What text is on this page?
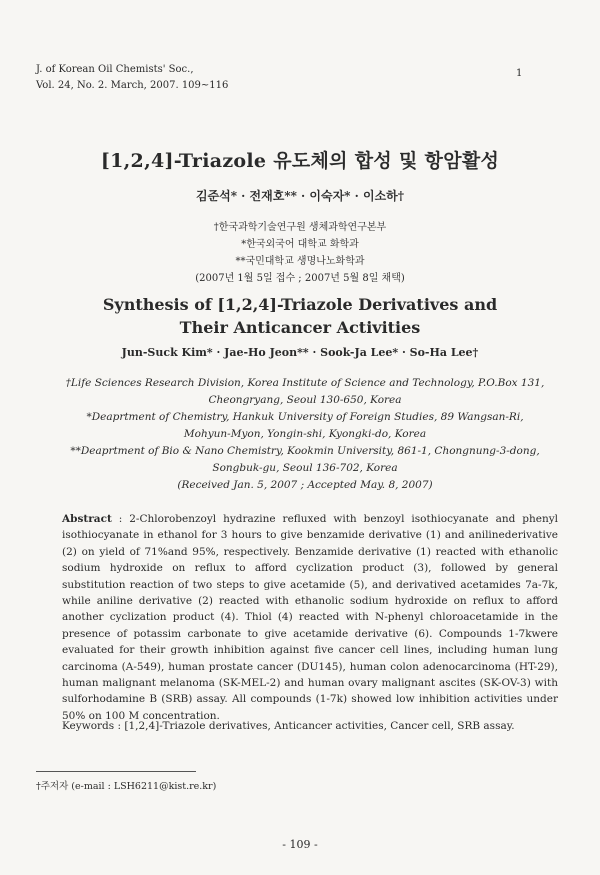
J. of Korean Oil Chemists' Soc.,
Vol. 24, No. 2. March, 2007. 109~116
1
[1,2,4]-Triazole 유도체의 합성 및 항암활성
김준석* · 전재호** · 이숙자* · 이소하†
†한국과학기술연구원 생체과학연구본부
*한국외국어 대학교 화학과
**국민대학교 생명나노화학과
(2007년 1월 5일 접수 ; 2007년 5월 8일 채택)
Synthesis of [1,2,4]-Triazole Derivatives and
Their Anticancer Activities
Jun-Suck Kim* · Jae-Ho Jeon** · Sook-Ja Lee* · So-Ha Lee†
†Life Sciences Research Division, Korea Institute of Science and Technology, P.O.Box 131,
Cheongryang, Seoul 130-650, Korea
*Deaprtment of Chemistry, Hankuk University of Foreign Studies, 89 Wangsan-Ri,
Mohyun-Myon, Yongin-shi, Kyongki-do, Korea
**Deaprtment of Bio & Nano Chemistry, Kookmin University, 861-1, Chongnung-3-dong,
Songbuk-gu, Seoul 136-702, Korea
(Received Jan. 5, 2007 ; Accepted May. 8, 2007)
Abstract : 2-Chlorobenzoyl hydrazine refluxed with benzoyl isothiocyanate and phenyl isothiocyanate in ethanol for 3 hours to give benzamide derivative (1) and anilinederivative (2) on yield of 71%and 95%, respectively. Benzamide derivative (1) reacted with ethanolic sodium hydroxide on reflux to afford cyclization product (3), followed by general substitution reaction of two steps to give acetamide (5), and derivatived acetamides 7a-7k, while aniline derivative (2) reacted with ethanolic sodium hydroxide on reflux to afford another cyclization product (4). Thiol (4) reacted with N-phenyl chloroacetamide in the presence of potassim carbonate to give acetamide derivative (6). Compounds 1-7kwere evaluated for their growth inhibition against five cancer cell lines, including human lung carcinoma (A-549), human prostate cancer (DU145), human colon adenocarcinoma (HT-29), human malignant melanoma (SK-MEL-2) and human ovary malignant ascites (SK-OV-3) with sulforhodamine B (SRB) assay. All compounds (1-7k) showed low inhibition activities under 50% on 100 M concentration.
Keywords : [1,2,4]-Triazole derivatives, Anticancer activities, Cancer cell, SRB assay.
†주저자 (e-mail : LSH6211@kist.re.kr)
- 109 -
